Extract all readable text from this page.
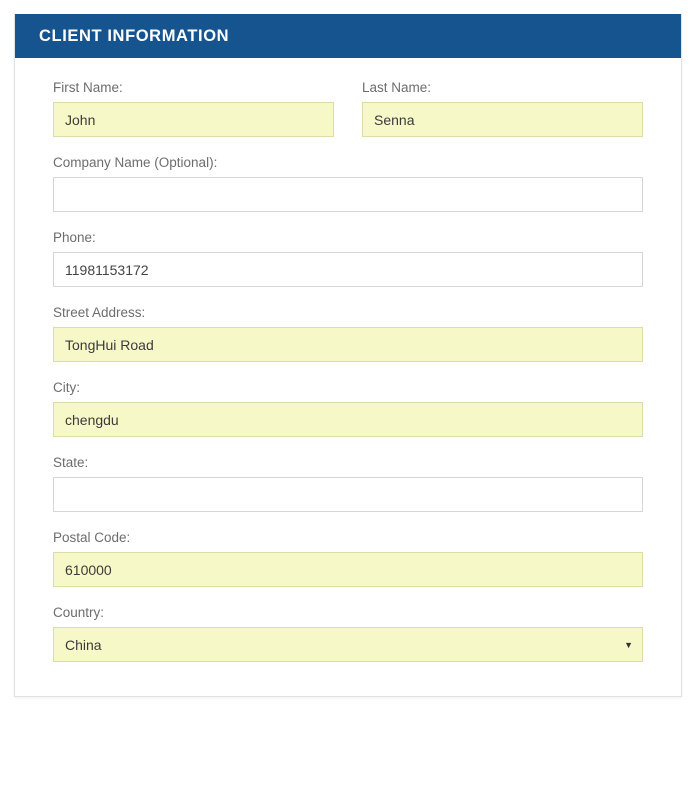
CLIENT INFORMATION
First Name:
John	Last Name:
Senna
Company Name (Optional):
Phone:
11981153172
Street Address:
TongHui Road
City:
chengdu
State:
Postal Code:
610000
Country:
China
▼
